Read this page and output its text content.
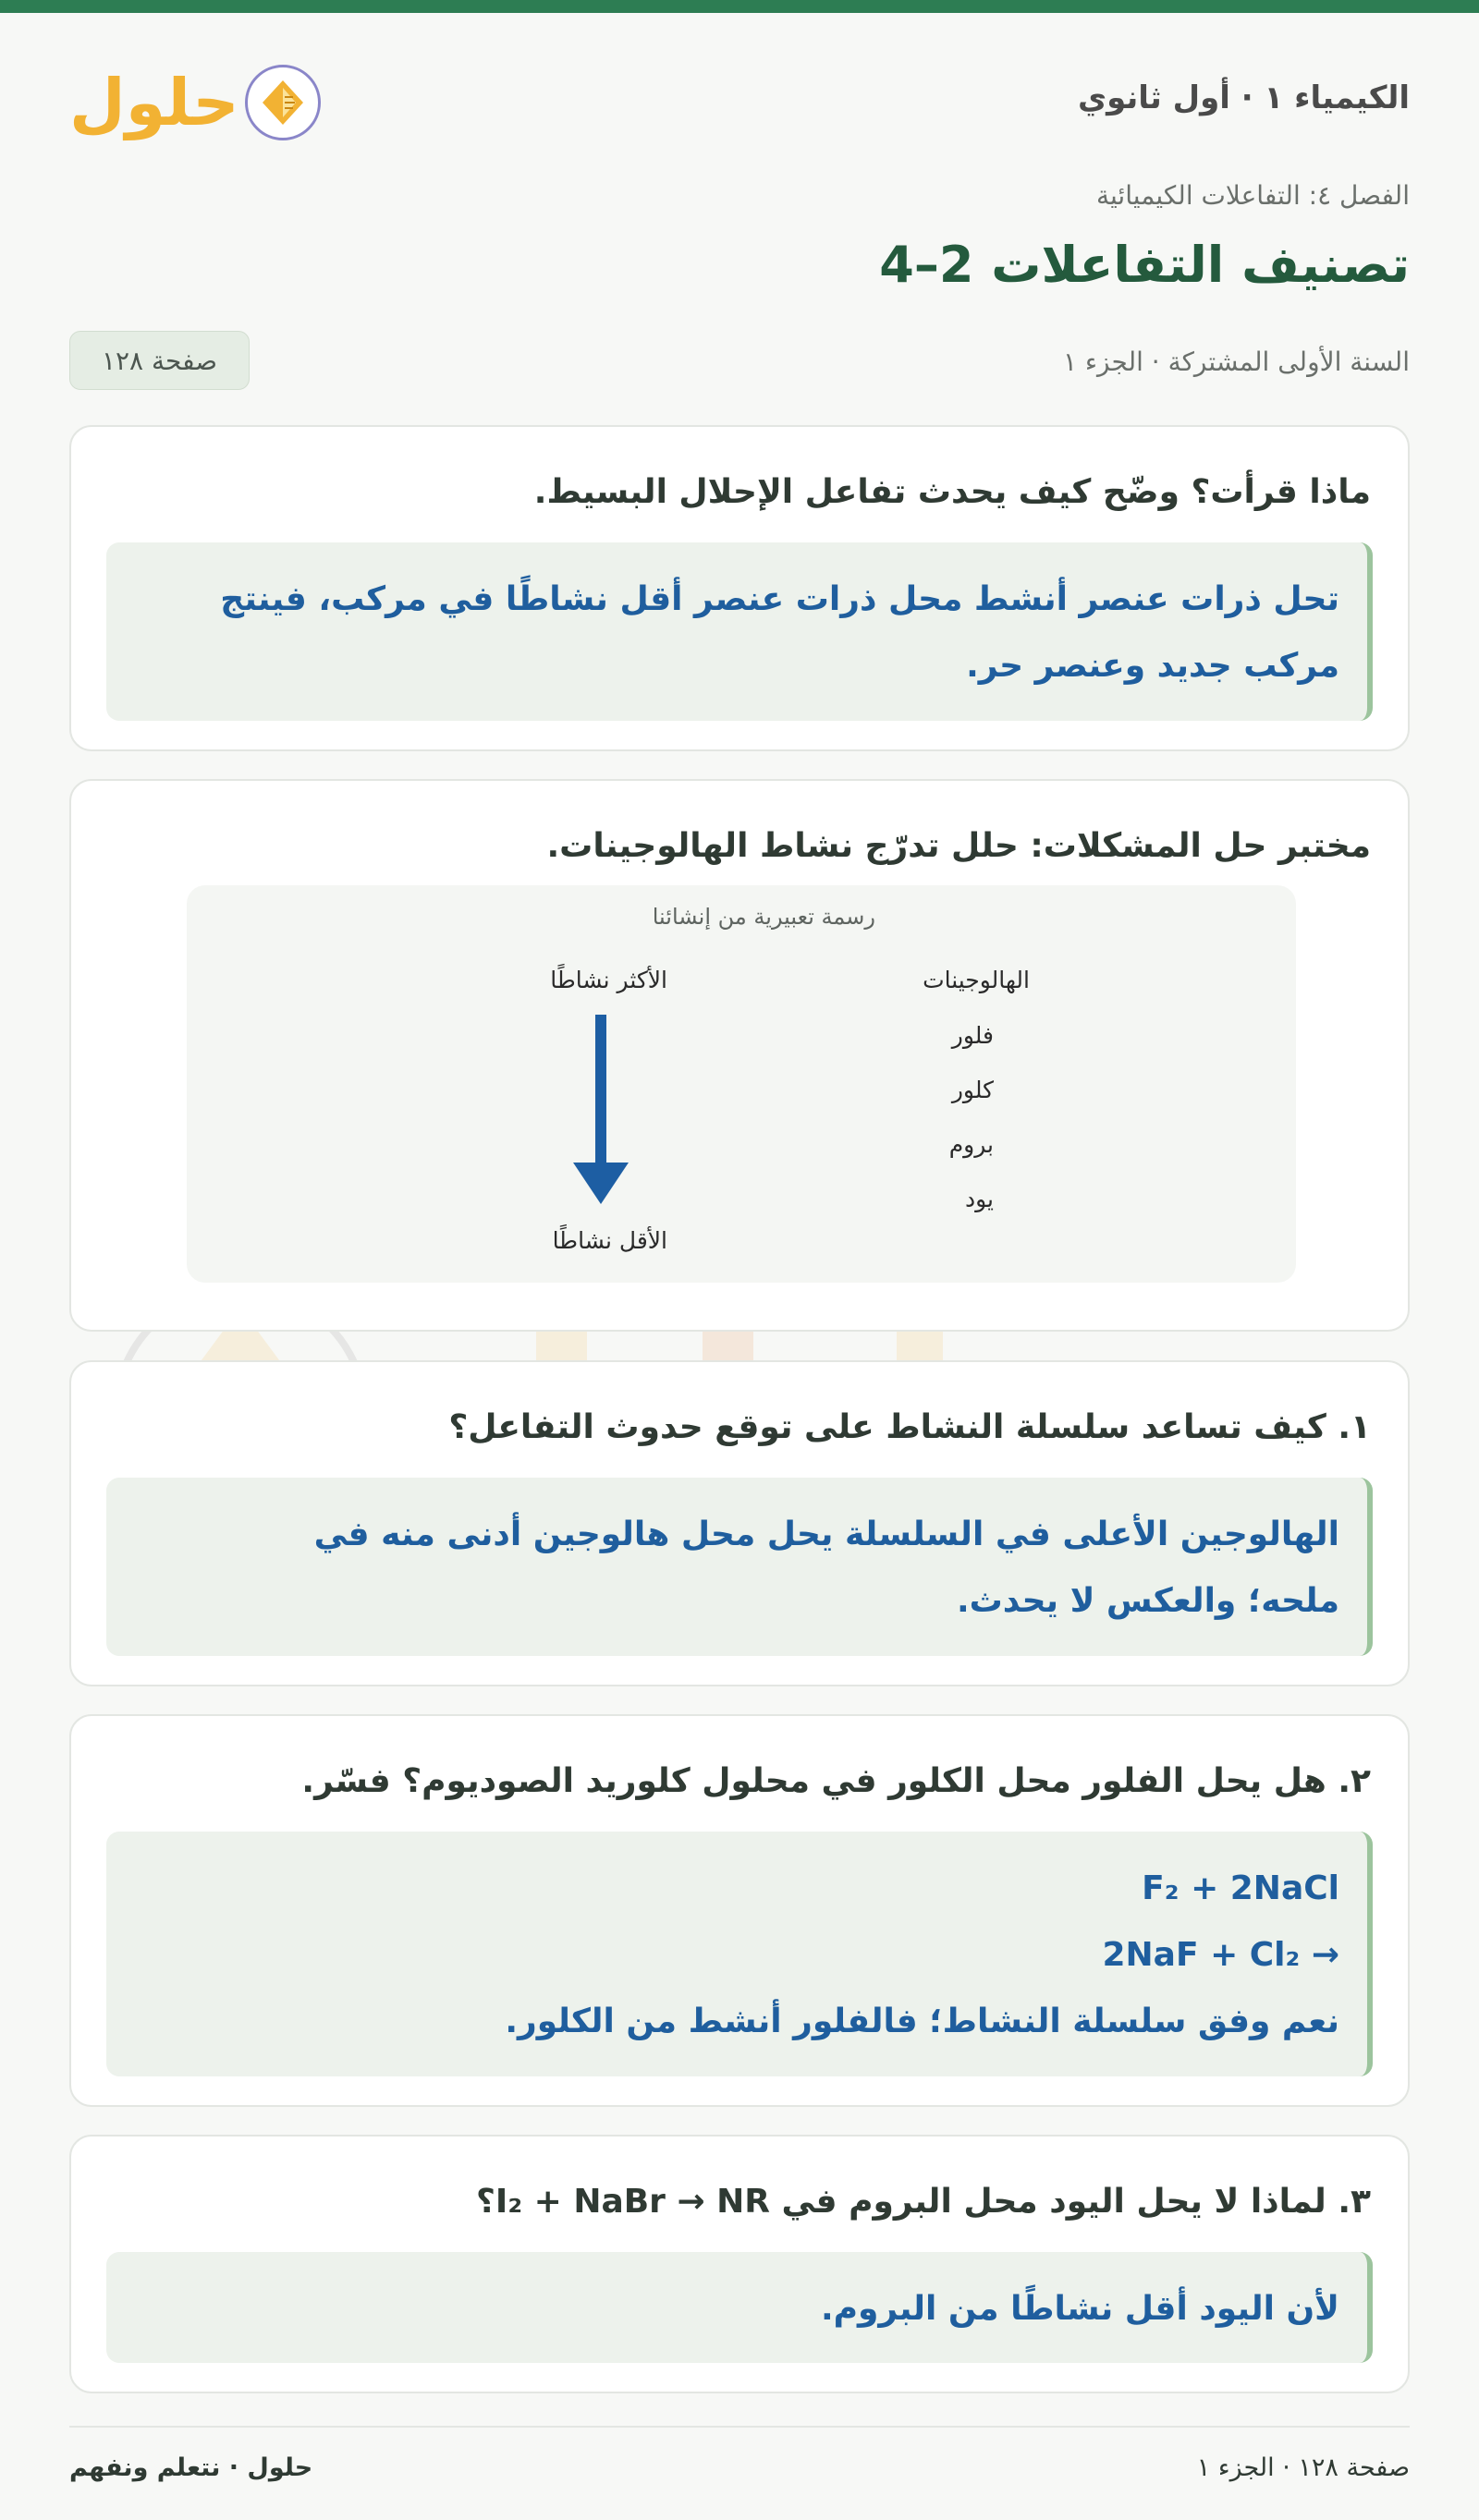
الكيمياء ١ · أول ثانوي
حلول
الفصل ٤: التفاعلات الكيميائية
تصنيف التفاعلات 2–4
السنة الأولى المشتركة · الجزء ١
صفحة ١٢٨
ماذا قرأت؟ وضّح كيف يحدث تفاعل الإحلال البسيط.
تحل ذرات عنصر أنشط محل ذرات عنصر أقل نشاطًا في مركب، فينتج
مركب جديد وعنصر حر.
مختبر حل المشكلات: حلل تدرّج نشاط الهالوجينات.
رسمة تعبيرية من إنشائنا
الأكثر نشاطًا
الأقل نشاطًا
الهالوجينات
فلور
كلور
بروم
يود
١. كيف تساعد سلسلة النشاط على توقع حدوث التفاعل؟
الهالوجين الأعلى في السلسلة يحل محل هالوجين أدنى منه في
ملحه؛ والعكس لا يحدث.
٢. هل يحل الفلور محل الكلور في محلول كلوريد الصوديوم؟ فسّر.
F₂ + 2NaCl
→ 2NaF + Cl₂
نعم وفق سلسلة النشاط؛ فالفلور أنشط من الكلور.
٣. لماذا لا يحل اليود محل البروم في I₂ + NaBr → NR؟
لأن اليود أقل نشاطًا من البروم.
صفحة ١٢٨ · الجزء ١
حلول · نتعلم ونفهم
